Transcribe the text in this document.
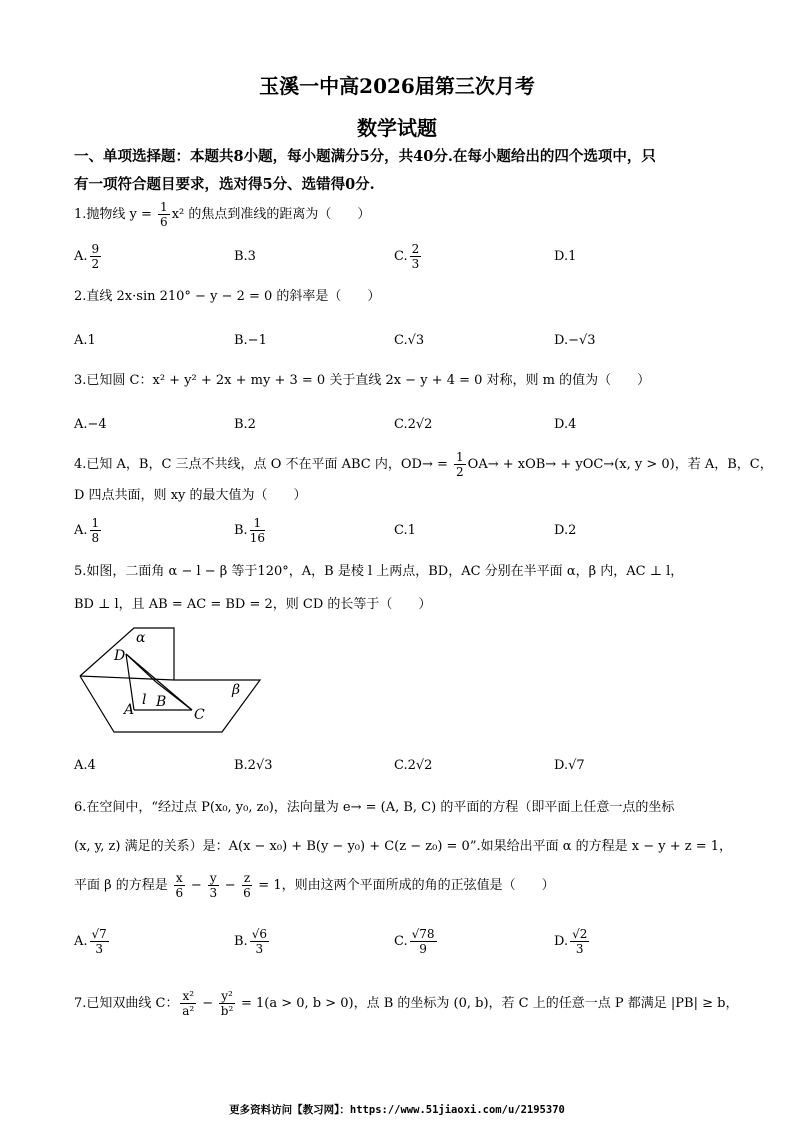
玉溪一中高2026届第三次月考
数学试题
一、单项选择题：本题共8小题，每小题满分5分，共40分.在每小题给出的四个选项中，只
有一项符合题目要求，选对得5分、选错得0分.
1.抛物线 $y = \frac{1}{6} x^2$ 的焦点到准线的距离为（　　）
A. $\frac{9}{2}$	B.3	C. $\frac{2}{3}$	D.1
2.直线 2x·sin 210° − y − 2 = 0 的斜率是（　　）
A.1	B.−1	C.√3	D.−√3
3.已知圆 C：x² + y² + 2x + my + 3 = 0 关于直线 2x − y + 4 = 0 对称，则 m 的值为（　　）
A.−4	B.2	C.2√2	D.4
4.已知 A，B，C 三点不共线，点 O 不在平面 ABC 内，$OD\to = \frac{1}{2} OA\to + xOB\to + yOC\to(x$, y > 0)，若 A，B，C，
D 四点共面，则 xy 的最大值为（　　）
A. $\frac{1}{8}$	B. $\frac{1}{16}$	C.1	D.2
5.如图，二面角 α − l − β 等于120°，A，B 是棱 l 上两点，BD，AC 分别在半平面 α，β 内，AC ⊥ l，
BD ⊥ l，且 AB = AC = BD = 2，则 CD 的长等于（　　）
α
β
D
l
A B
C
A.4	B.2√3	C.2√2	D.√7
6.在空间中，“经过点 P(x₀, y₀, z₀)，法向量为 e→ = (A, B, C) 的平面的方程（即平面上任意一点的坐标
(x, y, z) 满足的关系）是：A(x − x₀) + B(y − y₀) + C(z − z₀) = 0”.如果给出平面 α 的方程是 x − y + z = 1，
平面 β 的方程是 $\frac{x}{6} - \frac{y}{3} - \frac{z}{6} = 1$，则由这两个平面所成的角的正弦值是（　　）
A. $\frac{√7}{3}$	B. $\frac{√6}{3}$	C. $\frac{√78}{9}$	D. $\frac{√2}{3}$
7.已知双曲线 C： $\frac{\text{x²}}{\text{a²}} - \frac{\text{y²}}{\text{b²}} = 1(a > 0$, b > 0)，点 B 的坐标为 (0, b)，若 C 上的任意一点 P 都满足 |PB| ≥ b，
更多资料访问【教习网】：https://www.51jiaoxi.com/u/2195370
